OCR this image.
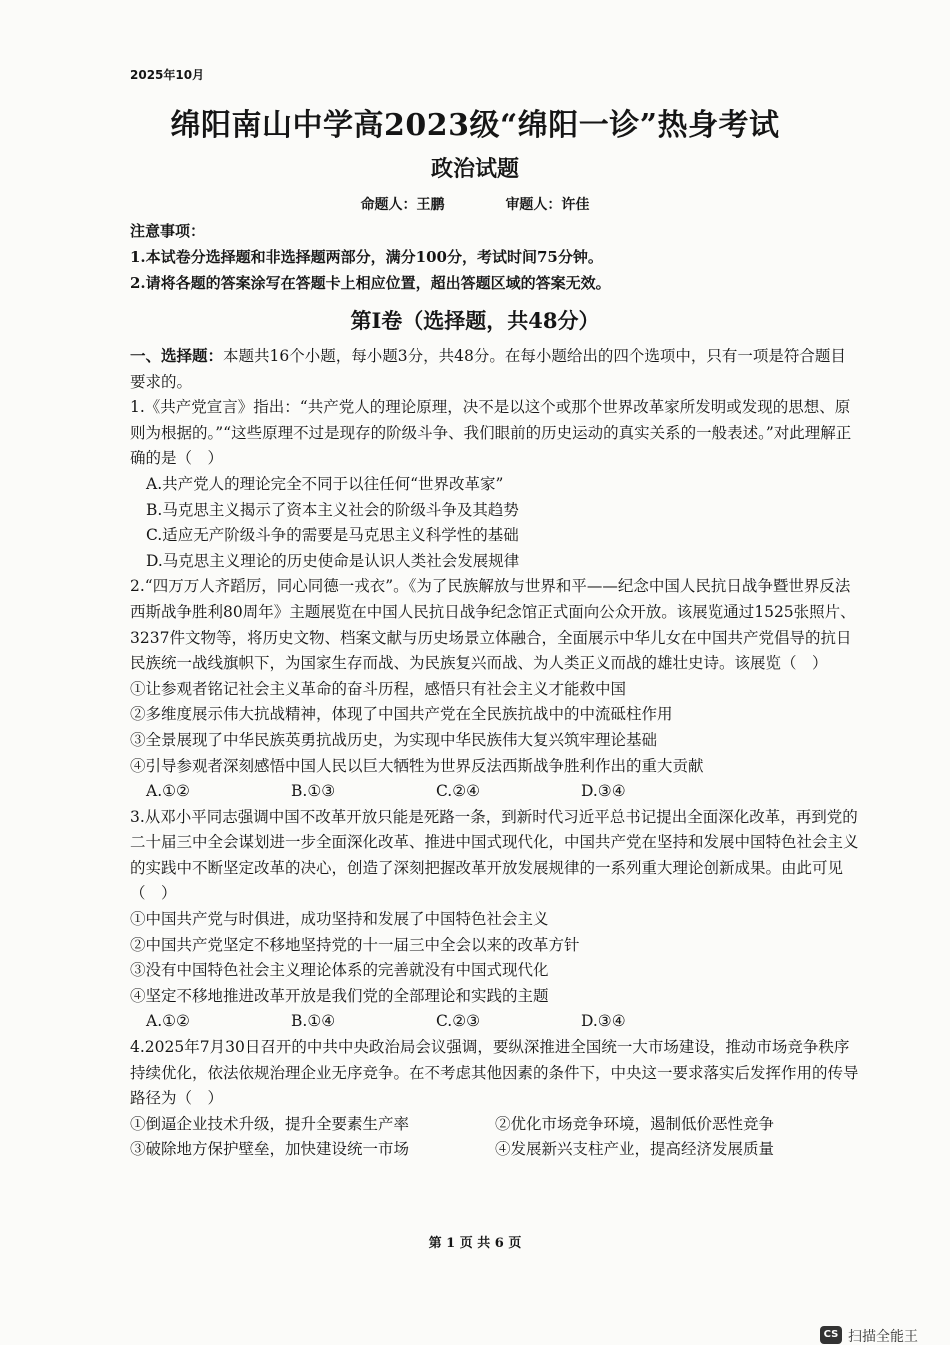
2025年10月
绵阳南山中学高2023级“绵阳一诊”热身考试
政治试题
命题人：王鹏	审题人：许佳
注意事项：
1.本试卷分选择题和非选择题两部分，满分100分，考试时间75分钟。
2.请将各题的答案涂写在答题卡上相应位置，超出答题区域的答案无效。
第Ⅰ卷（选择题，共48分）

一、选择题：本题共16个小题，每小题3分，共48分。在每小题给出的四个选项中，只有一项是符合题目要求的。

1.《共产党宣言》指出：“共产党人的理论原理，决不是以这个或那个世界改革家所发明或发现的思想、原则为根据的。”“这些原理不过是现存的阶级斗争、我们眼前的历史运动的真实关系的一般表述。”对此理解正确的是（　）

A.共产党人的理论完全不同于以往任何“世界改革家”

B.马克思主义揭示了资本主义社会的阶级斗争及其趋势

C.适应无产阶级斗争的需要是马克思主义科学性的基础

D.马克思主义理论的历史使命是认识人类社会发展规律

2.“四万万人齐蹈厉，同心同德一戎衣”。《为了民族解放与世界和平——纪念中国人民抗日战争暨世界反法西斯战争胜利80周年》主题展览在中国人民抗日战争纪念馆正式面向公众开放。该展览通过1525张照片、3237件文物等，将历史文物、档案文献与历史场景立体融合，全面展示中华儿女在中国共产党倡导的抗日民族统一战线旗帜下，为国家生存而战、为民族复兴而战、为人类正义而战的雄壮史诗。该展览（　）

①让参观者铭记社会主义革命的奋斗历程，感悟只有社会主义才能救中国

②多维度展示伟大抗战精神，体现了中国共产党在全民族抗战中的中流砥柱作用

③全景展现了中华民族英勇抗战历史，为实现中华民族伟大复兴筑牢理论基础

④引导参观者深刻感悟中国人民以巨大牺牲为世界反法西斯战争胜利作出的重大贡献

A.①②	B.①③	C.②④	D.③④

3.从邓小平同志强调中国不改革开放只能是死路一条，到新时代习近平总书记提出全面深化改革，再到党的二十届三中全会谋划进一步全面深化改革、推进中国式现代化，中国共产党在坚持和发展中国特色社会主义的实践中不断坚定改革的决心，创造了深刻把握改革开放发展规律的一系列重大理论创新成果。由此可见（　）

①中国共产党与时俱进，成功坚持和发展了中国特色社会主义

②中国共产党坚定不移地坚持党的十一届三中全会以来的改革方针

③没有中国特色社会主义理论体系的完善就没有中国式现代化

④坚定不移地推进改革开放是我们党的全部理论和实践的主题

A.①②	B.①④	C.②③	D.③④

4.2025年7月30日召开的中共中央政治局会议强调，要纵深推进全国统一大市场建设，推动市场竞争秩序持续优化，依法依规治理企业无序竞争。在不考虑其他因素的条件下，中央这一要求落实后发挥作用的传导路径为（　）

①倒逼企业技术升级，提升全要素生产率	②优化市场竞争环境，遏制低价恶性竞争
③破除地方保护壁垒，加快建设统一市场	④发展新兴支柱产业，提高经济发展质量
第 1 页 共 6 页
CS 扫描全能王
